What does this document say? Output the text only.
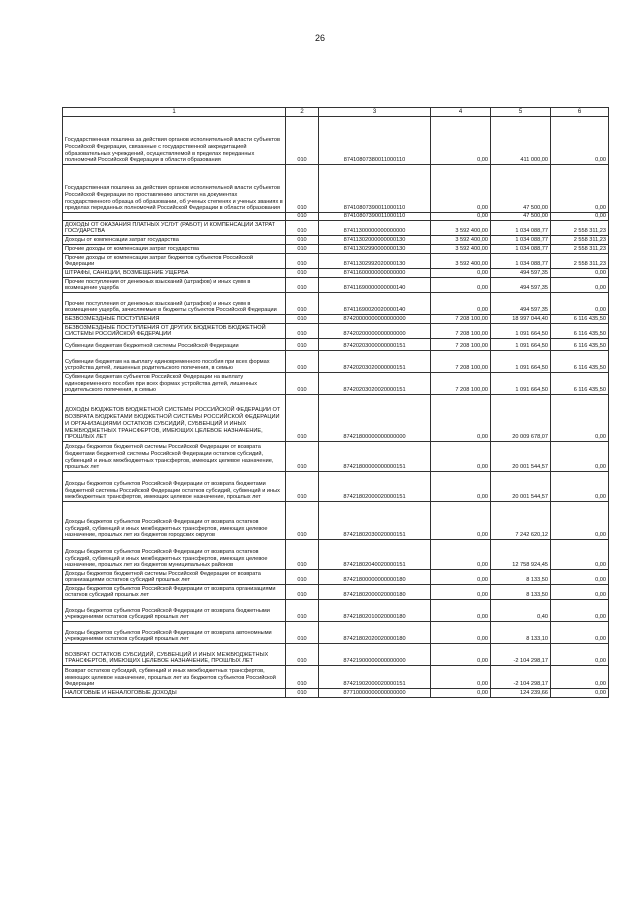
26
1	2	3	4	5	6
Государственная пошлина за действия органов исполнительной власти субъектов Российской Федерации, связанные с государственной аккредитацией образовательных учреждений, осуществляемой в пределах переданных полномочий Российской Федерации в области образования	010	87410807380011000110	0,00	411 000,00	0,00
Государственная пошлина за действия органов исполнительной власти субъектов Российской Федерации по проставлению апостиля на документах государственного образца об образовании, об ученых степенях и ученых званиях в пределах переданных полномочий Российской Федерации в области образования	010	87410807390011000110	0,00	47 500,00	0,00
	010	87410807390011000110	0,00	47 500,00	0,00
ДОХОДЫ ОТ ОКАЗАНИЯ ПЛАТНЫХ УСЛУГ (РАБОТ) И КОМПЕНСАЦИИ ЗАТРАТ ГОСУДАРСТВА	010	87411300000000000000	3 592 400,00	1 034 088,77	2 558 311,23
Доходы от компенсации затрат государства	010	87411302000000000130	3 592 400,00	1 034 088,77	2 558 311,23
Прочие доходы от компенсации затрат государства	010	87411302990000000130	3 592 400,00	1 034 088,77	2 558 311,23
Прочие доходы от компенсации затрат бюджетов субъектов Российской Федерации	010	87411302992020000130	3 592 400,00	1 034 088,77	2 558 311,23
ШТРАФЫ, САНКЦИИ, ВОЗМЕЩЕНИЕ УЩЕРБА	010	87411600000000000000	0,00	494 597,35	0,00
Прочие поступления от денежных взысканий (штрафов) и иных сумм в возмещение ущерба	010	87411690000000000140	0,00	494 597,35	0,00
Прочие поступления от денежных взысканий (штрафов) и иных сумм в возмещение ущерба, зачисляемые в бюджеты субъектов Российской Федерации	010	87411690020020000140	0,00	494 597,35	0,00
БЕЗВОЗМЕЗДНЫЕ ПОСТУПЛЕНИЯ	010	87420000000000000000	7 208 100,00	18 997 044,40	6 116 435,50
БЕЗВОЗМЕЗДНЫЕ ПОСТУПЛЕНИЯ ОТ ДРУГИХ БЮДЖЕТОВ БЮДЖЕТНОЙ СИСТЕМЫ РОССИЙСКОЙ ФЕДЕРАЦИИ	010	87420200000000000000	7 208 100,00	1 091 664,50	6 116 435,50
Субвенции бюджетам бюджетной системы Российской Федерации	010	87420203000000000151	7 208 100,00	1 091 664,50	6 116 435,50
Субвенции бюджетам на выплату единовременного пособия при всех формах устройства детей, лишенных родительского попечения, в семью	010	87420203020000000151	7 208 100,00	1 091 664,50	6 116 435,50
Субвенции бюджетам субъектов Российской Федерации на выплату единовременного пособия при всех формах устройства детей, лишенных родительского попечения, в семью	010	87420203020020000151	7 208 100,00	1 091 664,50	6 116 435,50
ДОХОДЫ БЮДЖЕТОВ БЮДЖЕТНОЙ СИСТЕМЫ РОССИЙСКОЙ ФЕДЕРАЦИИ ОТ ВОЗВРАТА БЮДЖЕТАМИ БЮДЖЕТНОЙ СИСТЕМЫ РОССИЙСКОЙ ФЕДЕРАЦИИ И ОРГАНИЗАЦИЯМИ ОСТАТКОВ СУБСИДИЙ, СУБВЕНЦИЙ И ИНЫХ МЕЖБЮДЖЕТНЫХ ТРАНСФЕРТОВ, ИМЕЮЩИХ ЦЕЛЕВОЕ НАЗНАЧЕНИЕ, ПРОШЛЫХ ЛЕТ	010	87421800000000000000	0,00	20 009 678,07	0,00
Доходы бюджетов бюджетной системы Российской Федерации от возврата бюджетами бюджетной системы Российской Федерации остатков субсидий, субвенций и иных межбюджетных трансфертов, имеющих целевое назначение, прошлых лет	010	87421800000000000151	0,00	20 001 544,57	0,00
Доходы бюджетов субъектов Российской Федерации от возврата бюджетами бюджетной системы Российской Федерации остатков субсидий, субвенций и иных межбюджетных трансфертов, имеющих целевое назначение, прошлых лет	010	87421802000020000151	0,00	20 001 544,57	0,00
Доходы бюджетов субъектов Российской Федерации от возврата остатков субсидий, субвенций и иных межбюджетных трансфертов, имеющих целевое назначение, прошлых лет из бюджетов городских округов	010	87421802030020000151	0,00	7 242 620,12	0,00
Доходы бюджетов субъектов Российской Федерации от возврата остатков субсидий, субвенций и иных межбюджетных трансфертов, имеющих целевое назначение, прошлых лет из бюджетов муниципальных районов	010	87421802040020000151	0,00	12 758 924,45	0,00
Доходы бюджетов бюджетной системы Российской Федерации от возврата организациями остатков субсидий прошлых лет	010	87421800000000000180	0,00	8 133,50	0,00
Доходы бюджетов субъектов Российской Федерации от возврата организациями остатков субсидий прошлых лет	010	87421802000020000180	0,00	8 133,50	0,00
Доходы бюджетов субъектов Российской Федерации от возврата бюджетными учреждениями остатков субсидий прошлых лет	010	87421802010020000180	0,00	0,40	0,00
Доходы бюджетов субъектов Российской Федерации от возврата автономными учреждениями остатков субсидий прошлых лет	010	87421802020020000180	0,00	8 133,10	0,00
ВОЗВРАТ ОСТАТКОВ СУБСИДИЙ, СУБВЕНЦИЙ И ИНЫХ МЕЖБЮДЖЕТНЫХ ТРАНСФЕРТОВ, ИМЕЮЩИХ ЦЕЛЕВОЕ НАЗНАЧЕНИЕ, ПРОШЛЫХ ЛЕТ	010	87421900000000000000	0,00	-2 104 298,17	0,00
Возврат остатков субсидий, субвенций и иных межбюджетных трансфертов, имеющих целевое назначение, прошлых лет из бюджетов субъектов Российской Федерации	010	87421902000020000151	0,00	-2 104 298,17	0,00
НАЛОГОВЫЕ И НЕНАЛОГОВЫЕ ДОХОДЫ	010	87710000000000000000	0,00	124 239,66	0,00
